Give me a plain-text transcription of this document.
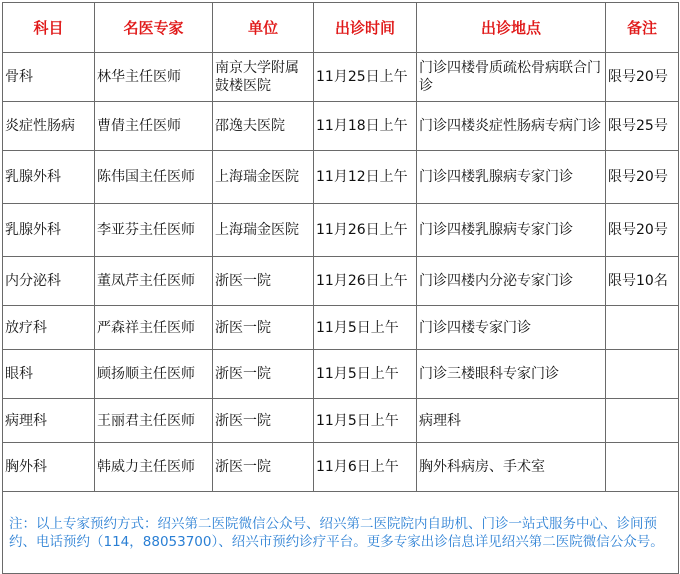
科目	名医专家	单位	出诊时间	出诊地点	备注
骨科	林华主任医师	南京大学附属鼓楼医院	11月25日上午	门诊四楼骨质疏松骨病联合门诊	限号20号
炎症性肠病	曹倩主任医师	邵逸夫医院	11月18日上午	门诊四楼炎症性肠病专病门诊	限号25号
乳腺外科	陈伟国主任医师	上海瑞金医院	11月12日上午	门诊四楼乳腺病专家门诊	限号20号
乳腺外科	李亚芬主任医师	上海瑞金医院	11月26日上午	门诊四楼乳腺病专家门诊	限号20号
内分泌科	董凤芹主任医师	浙医一院	11月26日上午	门诊四楼内分泌专家门诊	限号10名
放疗科	严森祥主任医师	浙医一院	11月5日上午	门诊四楼专家门诊	
眼科	顾扬顺主任医师	浙医一院	11月5日上午	门诊三楼眼科专家门诊	
病理科	王丽君主任医师	浙医一院	11月5日上午	病理科	
胸外科	韩威力主任医师	浙医一院	11月6日上午	胸外科病房、手术室	
注：以上专家预约方式：绍兴第二医院微信公众号、绍兴第二医院院内自助机、门诊一站式服务中心、诊间预约、电话预约（114，88053700）、绍兴市预约诊疗平台。更多专家出诊信息详见绍兴第二医院微信公众号。					
